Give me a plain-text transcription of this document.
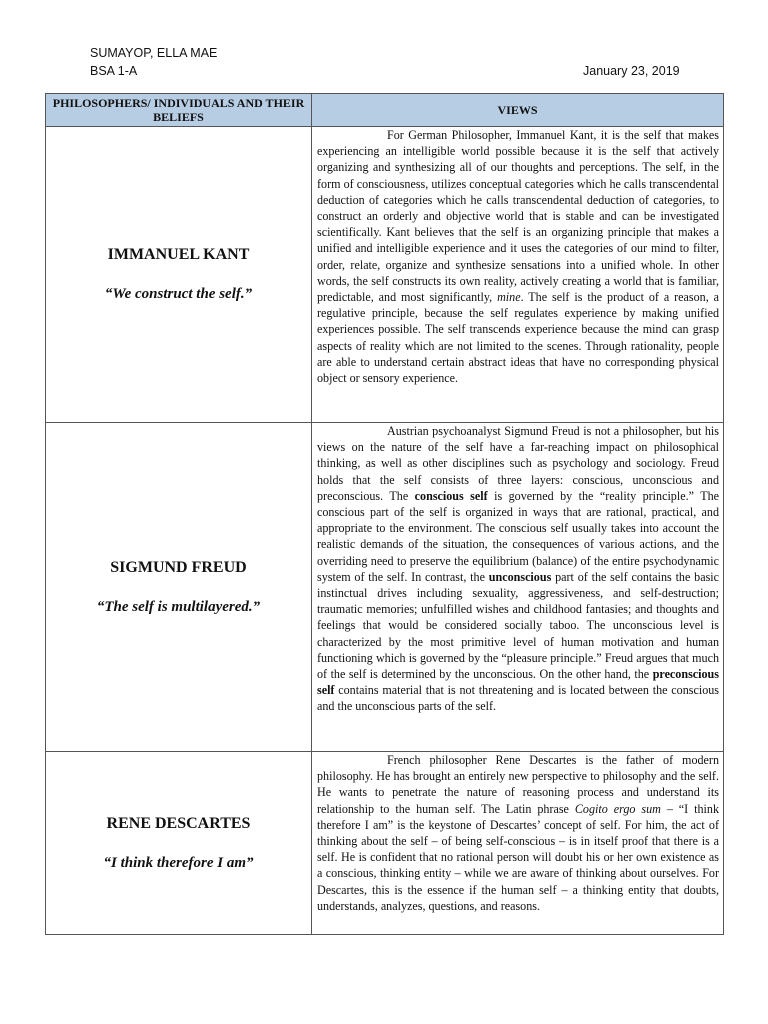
SUMAYOP, ELLA MAE
BSA 1-A	January 23, 2019
PHILOSOPHERS/ INDIVIDUALS AND THEIR BELIEFS	VIEWS

IMMANUEL KANT
“We construct the self.”	For German Philosopher, Immanuel Kant, it is the self that makes experiencing an intelligible world possible because it is the self that actively organizing and synthesizing all of our thoughts and perceptions. The self, in the form of consciousness, utilizes conceptual categories which he calls transcendental deduction of categories which he calls transcendental deduction of categories, to construct an orderly and objective world that is stable and can be investigated scientifically. Kant believes that the self is an organizing principle that makes a unified and intelligible experience and it uses the categories of our mind to filter, order, relate, organize and synthesize sensations into a unified whole. In other words, the self constructs its own reality, actively creating a world that is familiar, predictable, and most significantly, mine. The self is the product of a reason, a regulative principle, because the self regulates experience by making unified experiences possible. The self transcends experience because the mind can grasp aspects of reality which are not limited to the scenes. Through rationality, people are able to understand certain abstract ideas that have no corresponding physical object or sensory experience.

SIGMUND FREUD
“The self is multilayered.”	Austrian psychoanalyst Sigmund Freud is not a philosopher, but his views on the nature of the self have a far-reaching impact on philosophical thinking, as well as other disciplines such as psychology and sociology. Freud holds that the self consists of three layers: conscious, unconscious and preconscious. The conscious self is governed by the “reality principle.” The conscious part of the self is organized in ways that are rational, practical, and appropriate to the environment. The conscious self usually takes into account the realistic demands of the situation, the consequences of various actions, and the overriding need to preserve the equilibrium (balance) of the entire psychodynamic system of the self. In contrast, the unconscious part of the self contains the basic instinctual drives including sexuality, aggressiveness, and self-destruction; traumatic memories; unfulfilled wishes and childhood fantasies; and thoughts and feelings that would be considered socially taboo. The unconscious level is characterized by the most primitive level of human motivation and human functioning which is governed by the “pleasure principle.” Freud argues that much of the self is determined by the unconscious. On the other hand, the preconscious self contains material that is not threatening and is located between the conscious and the unconscious parts of the self.

RENE DESCARTES
“I think therefore I am”	French philosopher Rene Descartes is the father of modern philosophy. He has brought an entirely new perspective to philosophy and the self. He wants to penetrate the nature of reasoning process and understand its relationship to the human self. The Latin phrase Cogito ergo sum – “I think therefore I am” is the keystone of Descartes’ concept of self. For him, the act of thinking about the self – of being self-conscious – is in itself proof that there is a self. He is confident that no rational person will doubt his or her own existence as a conscious, thinking entity – while we are aware of thinking about ourselves. For Descartes, this is the essence if the human self – a thinking entity that doubts, understands, analyzes, questions, and reasons.
